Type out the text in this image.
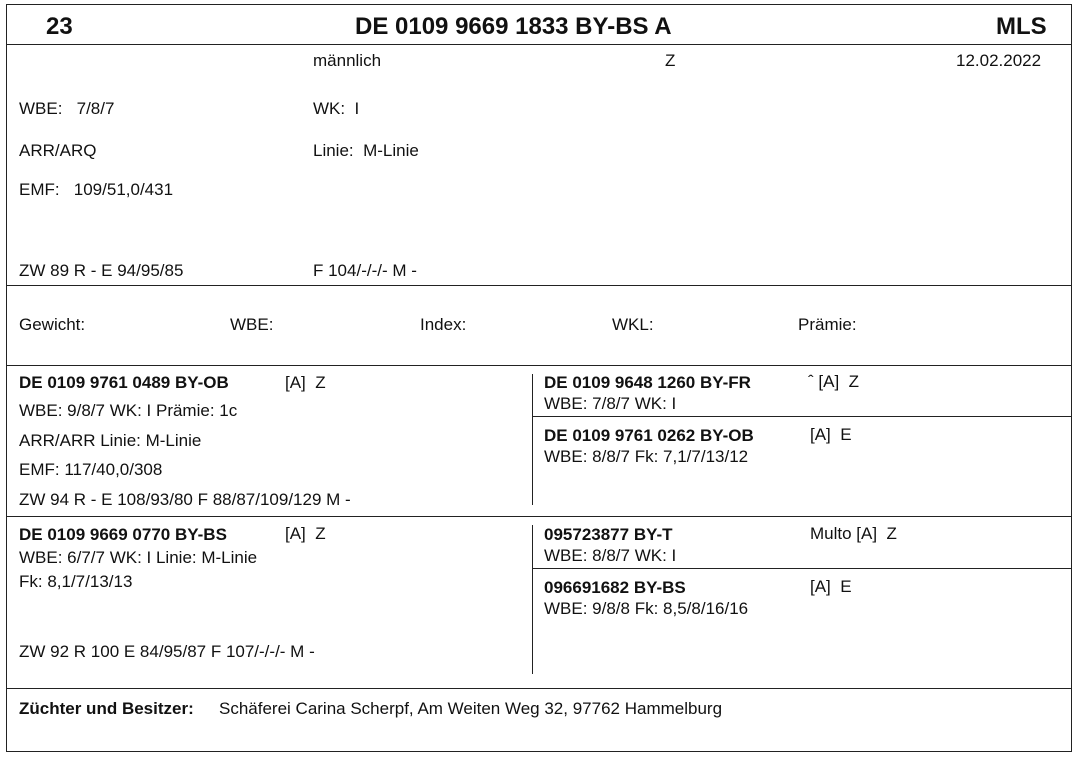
23	DE 0109 9669 1833 BY-BS A	MLS
männlich	Z	12.02.2022
WBE:   7/8/7	WK:  I
ARR/ARQ	Linie:  M-Linie
EMF:   109/51,0/431
ZW 89 R - E 94/95/85	F 104/-/-/- M -
Gewicht:	WBE:	Index:	WKL:	Prämie:
DE 0109 9761 0489 BY-OB	[A]  Z
WBE: 9/8/7 WK: I Prämie: 1c
ARR/ARR Linie: M-Linie
EMF: 117/40,0/308
ZW 94 R - E 108/93/80 F 88/87/109/129 M -
DE 0109 9648 1260 BY-FR	ˆ [A]  Z
WBE: 7/8/7 WK: I
DE 0109 9761 0262 BY-OB	[A]  E
WBE: 8/8/7 Fk: 7,1/7/13/12
DE 0109 9669 0770 BY-BS	[A]  Z
WBE: 6/7/7 WK: I Linie: M-Linie
Fk: 8,1/7/13/13
ZW 92 R 100 E 84/95/87 F 107/-/-/- M -
095723877 BY-T	Multo [A]  Z
WBE: 8/8/7 WK: I
096691682 BY-BS	[A]  E
WBE: 9/8/8 Fk: 8,5/8/16/16
Züchter und Besitzer: Schäferei Carina Scherpf, Am Weiten Weg 32, 97762 Hammelburg
